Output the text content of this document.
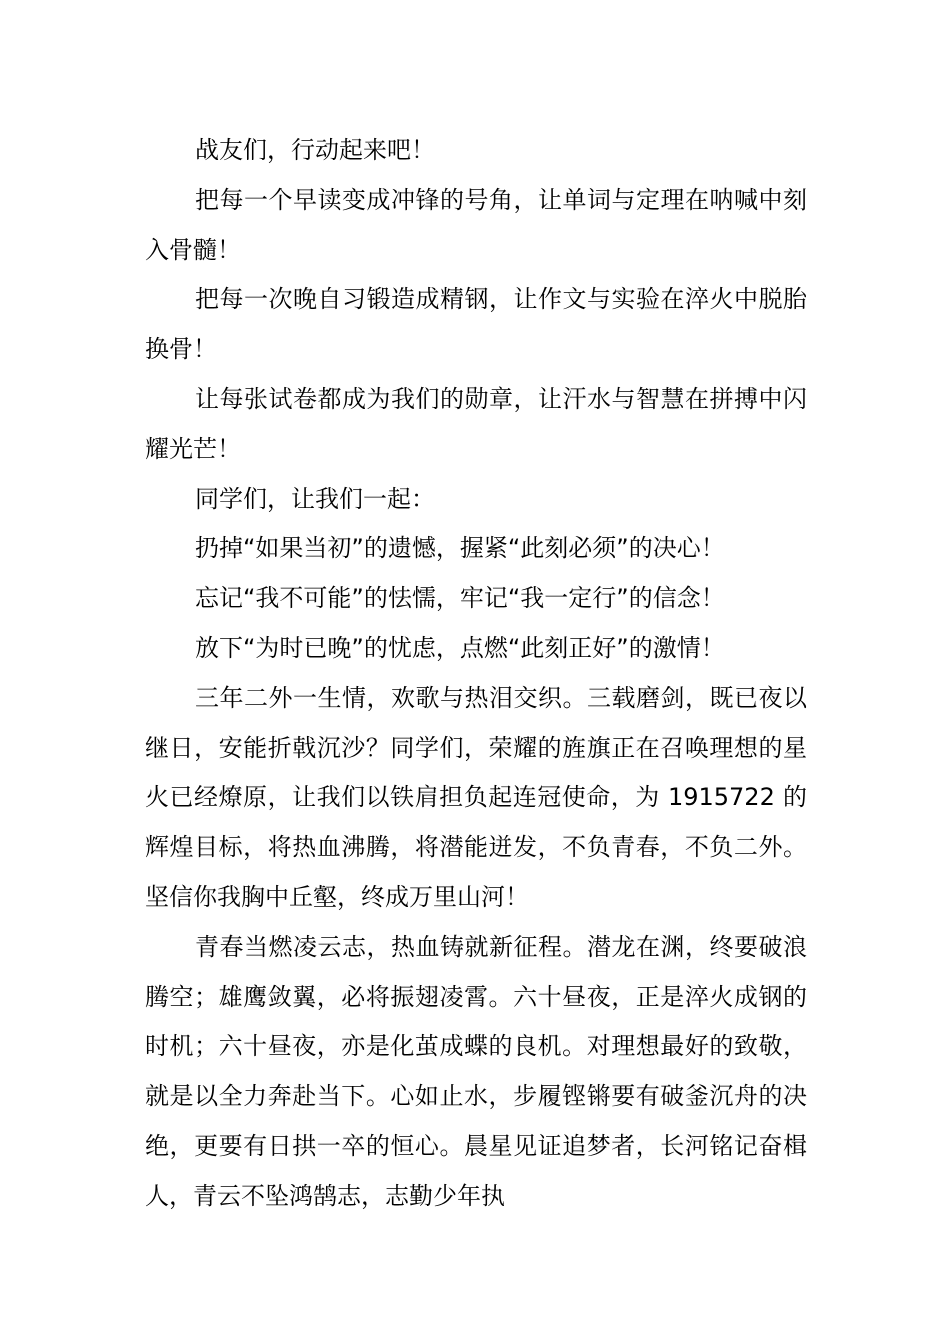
战友们，行动起来吧！

把每一个早读变成冲锋的号角，让单词与定理在呐喊中刻入骨髓！

把每一次晚自习锻造成精钢，让作文与实验在淬火中脱胎换骨！

让每张试卷都成为我们的勋章，让汗水与智慧在拼搏中闪耀光芒！

同学们，让我们一起：

扔掉“如果当初”的遗憾，握紧“此刻必须”的决心！

忘记“我不可能”的怯懦，牢记“我一定行”的信念！

放下“为时已晚”的忧虑，点燃“此刻正好”的激情！

三年二外一生情，欢歌与热泪交织。三载磨剑，既已夜以继日，安能折戟沉沙？同学们，荣耀的旌旗正在召唤理想的星火已经燎原，让我们以铁肩担负起连冠使命，为 1915722 的辉煌目标，将热血沸腾，将潜能迸发，不负青春，不负二外。坚信你我胸中丘壑，终成万里山河！

青春当燃凌云志，热血铸就新征程。潜龙在渊，终要破浪腾空；雄鹰敛翼，必将振翅凌霄。六十昼夜，正是淬火成钢的时机；六十昼夜，亦是化茧成蝶的良机。对理想最好的致敬，就是以全力奔赴当下。心如止水，步履铿锵要有破釜沉舟的决绝，更要有日拱一卒的恒心。晨星见证追梦者，长河铭记奋楫人，青云不坠鸿鹄志，志勤少年执
